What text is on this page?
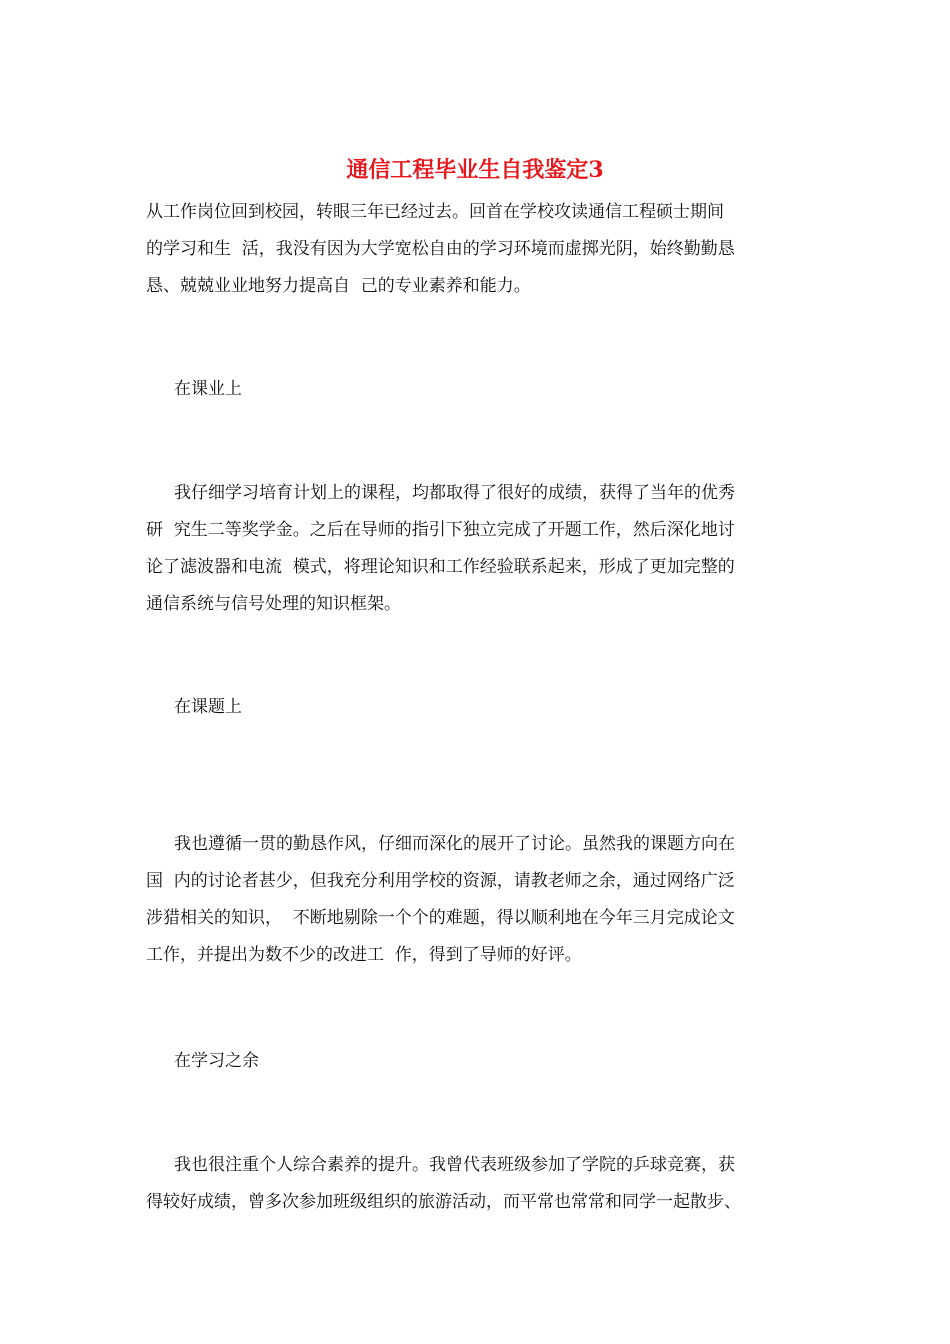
通信工程毕业生自我鉴定3

从工作岗位回到校园，转眼三年已经过去。回首在学校攻读通信工程硕士期间
的学习和生  活，我没有因为大学宽松自由的学习环境而虚掷光阴，始终勤勤恳
恳、兢兢业业地努力提高自  己的专业素养和能力。

在课业上

我仔细学习培育计划上的课程，均都取得了很好的成绩，获得了当年的优秀
研  究生二等奖学金。之后在导师的指引下独立完成了开题工作，然后深化地讨
论了滤波器和电流  模式，将理论知识和工作经验联系起来，形成了更加完整的
通信系统与信号处理的知识框架。

在课题上

我也遵循一贯的勤恳作风，仔细而深化的展开了讨论。虽然我的课题方向在
国  内的讨论者甚少，但我充分利用学校的资源，请教老师之余，通过网络广泛
涉猎相关的知识，  不断地剔除一个个的难题，得以顺利地在今年三月完成论文
工作，并提出为数不少的改进工  作，得到了导师的好评。

在学习之余

我也很注重个人综合素养的提升。我曾代表班级参加了学院的乒球竞赛，获
得较好成绩，曾多次参加班级组织的旅游活动，而平常也常常和同学一起散步、
